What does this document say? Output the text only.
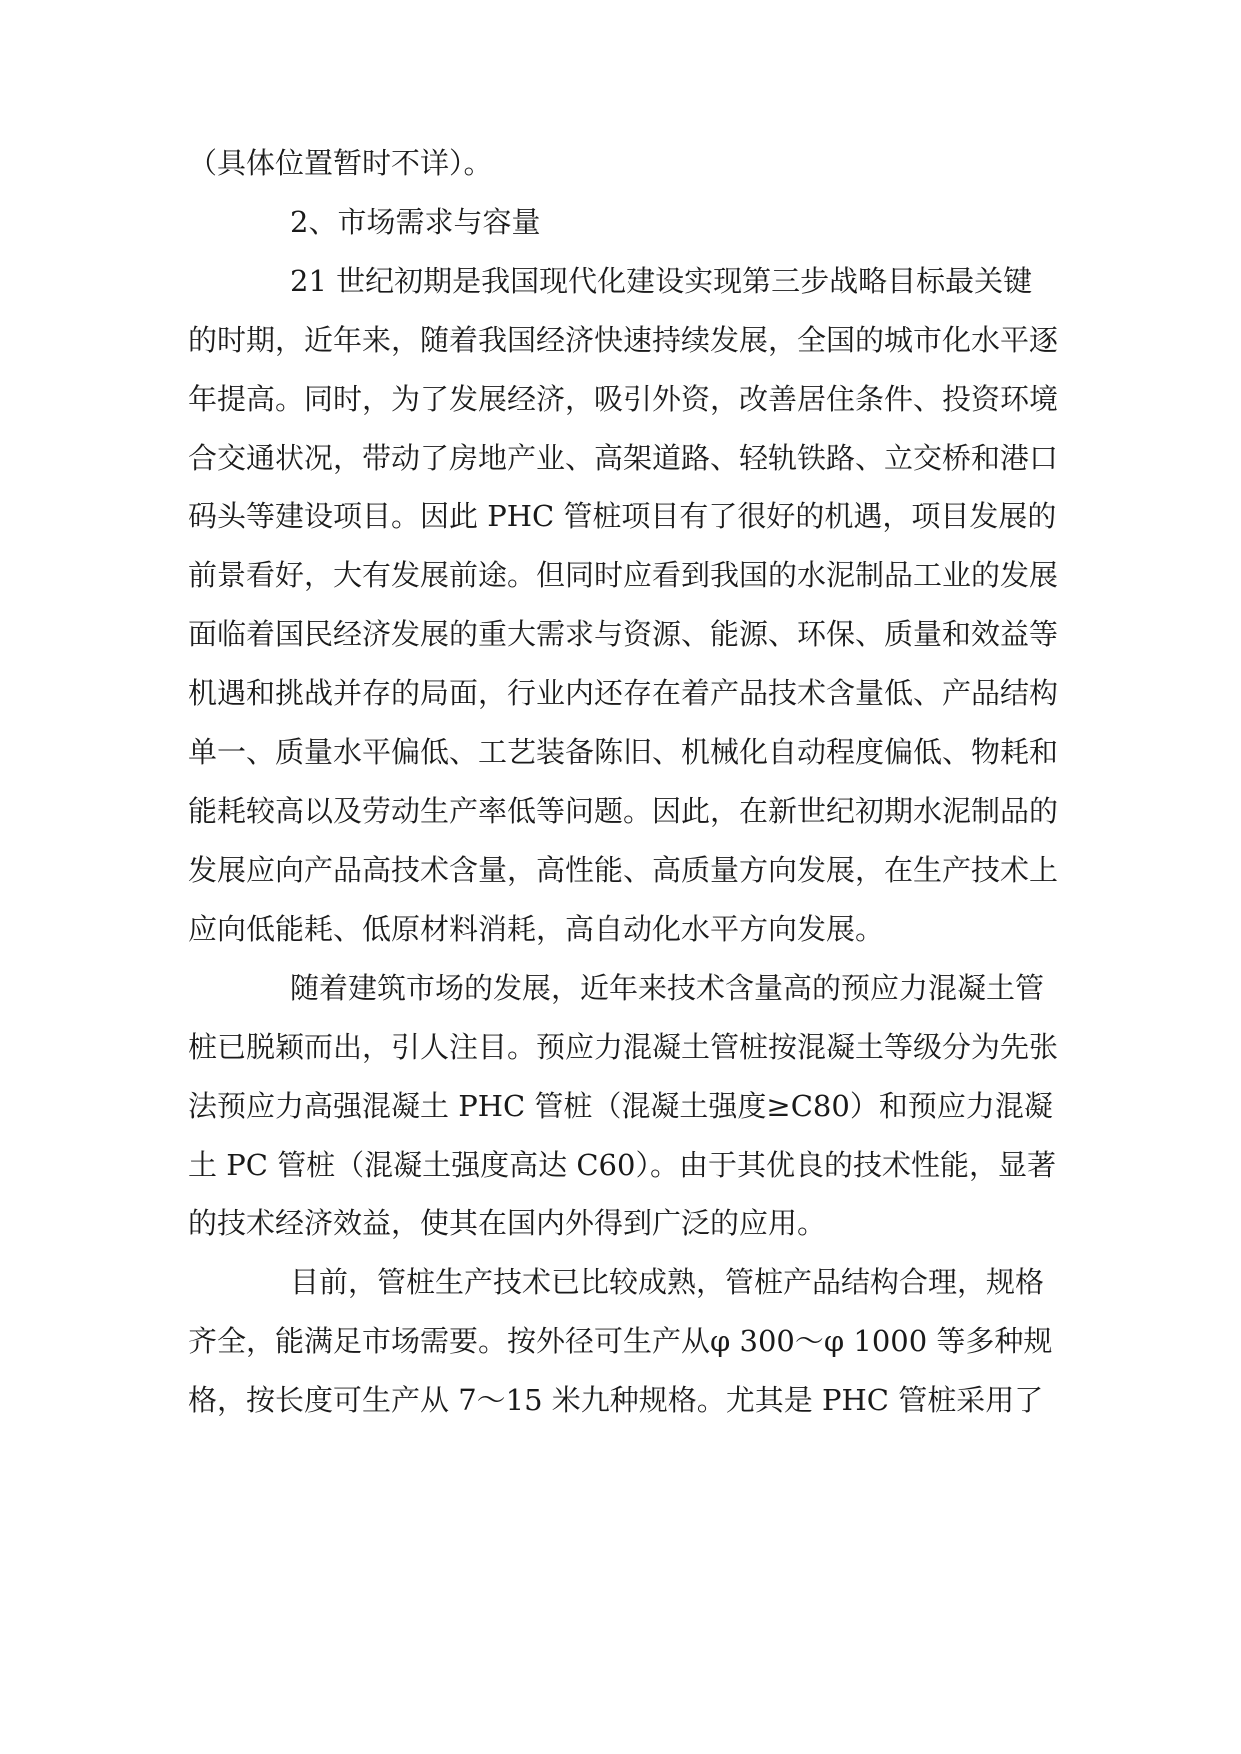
（具体位置暂时不详）。

2、市场需求与容量

21 世纪初期是我国现代化建设实现第三步战略目标最关键

的时期，近年来，随着我国经济快速持续发展，全国的城市化水平逐

年提高。同时，为了发展经济，吸引外资，改善居住条件、投资环境

合交通状况，带动了房地产业、高架道路、轻轨铁路、立交桥和港口

码头等建设项目。因此 PHC 管桩项目有了很好的机遇，项目发展的

前景看好，大有发展前途。但同时应看到我国的水泥制品工业的发展

面临着国民经济发展的重大需求与资源、能源、环保、质量和效益等

机遇和挑战并存的局面，行业内还存在着产品技术含量低、产品结构

单一、质量水平偏低、工艺装备陈旧、机械化自动程度偏低、物耗和

能耗较高以及劳动生产率低等问题。因此，在新世纪初期水泥制品的

发展应向产品高技术含量，高性能、高质量方向发展，在生产技术上

应向低能耗、低原材料消耗，高自动化水平方向发展。

随着建筑市场的发展，近年来技术含量高的预应力混凝土管

桩已脱颖而出，引人注目。预应力混凝土管桩按混凝土等级分为先张

法预应力高强混凝土 PHC 管桩（混凝土强度≥C80）和预应力混凝

土 PC 管桩（混凝土强度高达 C60）。由于其优良的技术性能，显著

的技术经济效益，使其在国内外得到广泛的应用。

目前，管桩生产技术已比较成熟，管桩产品结构合理，规格

齐全，能满足市场需要。按外径可生产从φ 300～φ 1000 等多种规

格，按长度可生产从 7～15 米九种规格。尤其是 PHC 管桩采用了
